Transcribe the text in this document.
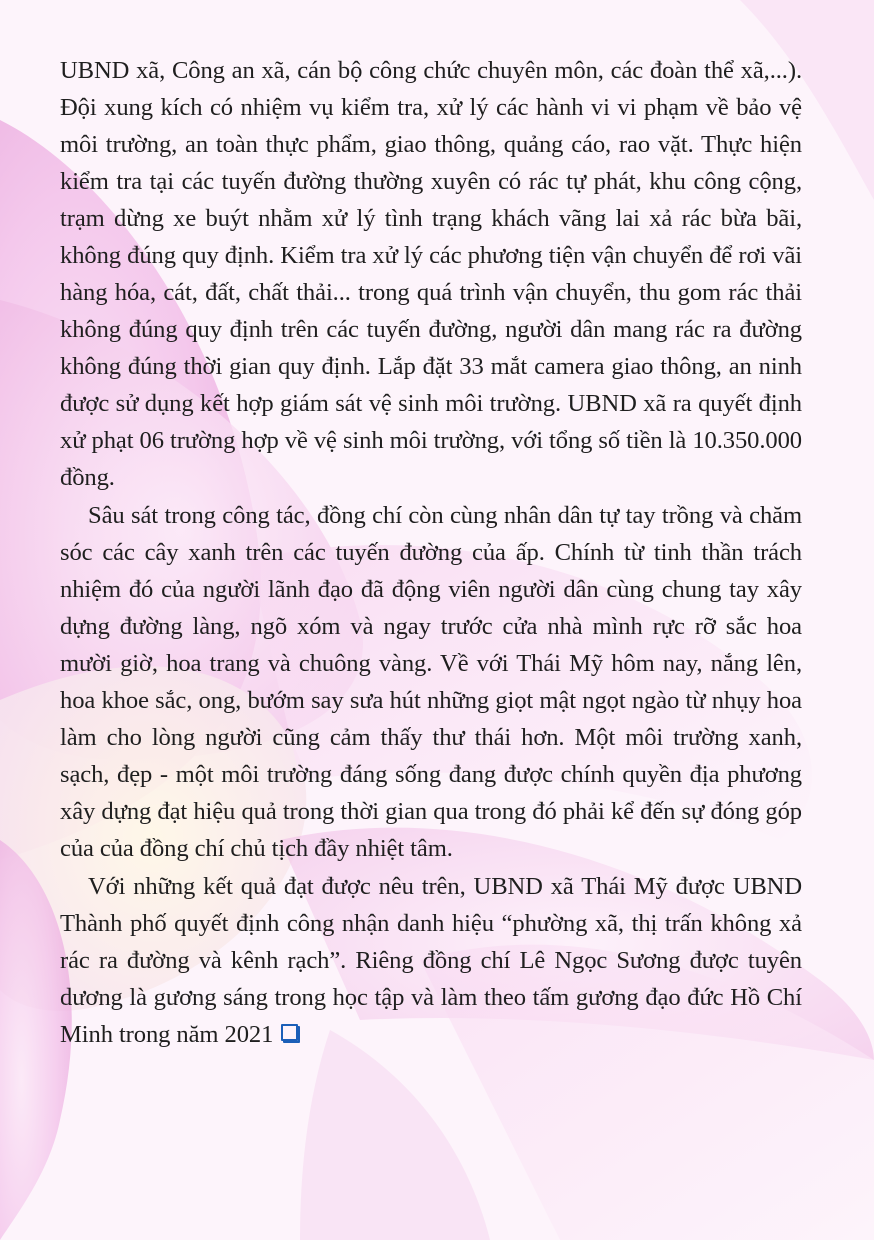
UBND xã, Công an xã, cán bộ công chức chuyên môn, các đoàn thể xã,...). Đội xung kích có nhiệm vụ kiểm tra, xử lý các hành vi vi phạm về bảo vệ môi trường, an toàn thực phẩm, giao thông, quảng cáo, rao vặt. Thực hiện kiểm tra tại các tuyến đường thường xuyên có rác tự phát, khu công cộng, trạm dừng xe buýt nhằm xử lý tình trạng khách vãng lai xả rác bừa bãi, không đúng quy định. Kiểm tra xử lý các phương tiện vận chuyển để rơi vãi hàng hóa, cát, đất, chất thải... trong quá trình vận chuyển, thu gom rác thải không đúng quy định trên các tuyến đường, người dân mang rác ra đường không đúng thời gian quy định. Lắp đặt 33 mắt camera giao thông, an ninh được sử dụng kết hợp giám sát vệ sinh môi trường. UBND xã ra quyết định xử phạt 06 trường hợp về vệ sinh môi trường, với tổng số tiền là 10.350.000 đồng.

Sâu sát trong công tác, đồng chí còn cùng nhân dân tự tay trồng và chăm sóc các cây xanh trên các tuyến đường của ấp. Chính từ tinh thần trách nhiệm đó của người lãnh đạo đã động viên người dân cùng chung tay xây dựng đường làng, ngõ xóm và ngay trước cửa nhà mình rực rỡ sắc hoa mười giờ, hoa trang và chuông vàng. Về với Thái Mỹ hôm nay, nắng lên, hoa khoe sắc, ong, bướm say sưa hút những giọt mật ngọt ngào từ nhụy hoa làm cho lòng người cũng cảm thấy thư thái hơn. Một môi trường xanh, sạch, đẹp - một môi trường đáng sống đang được chính quyền địa phương xây dựng đạt hiệu quả trong thời gian qua trong đó phải kể đến sự đóng góp của của đồng chí chủ tịch đầy nhiệt tâm.

Với những kết quả đạt được nêu trên, UBND xã Thái Mỹ được UBND Thành phố quyết định công nhận danh hiệu “phường xã, thị trấn không xả rác ra đường và kênh rạch”. Riêng đồng chí Lê Ngọc Sương được tuyên dương là gương sáng trong học tập và làm theo tấm gương đạo đức Hồ Chí Minh trong năm 2021
